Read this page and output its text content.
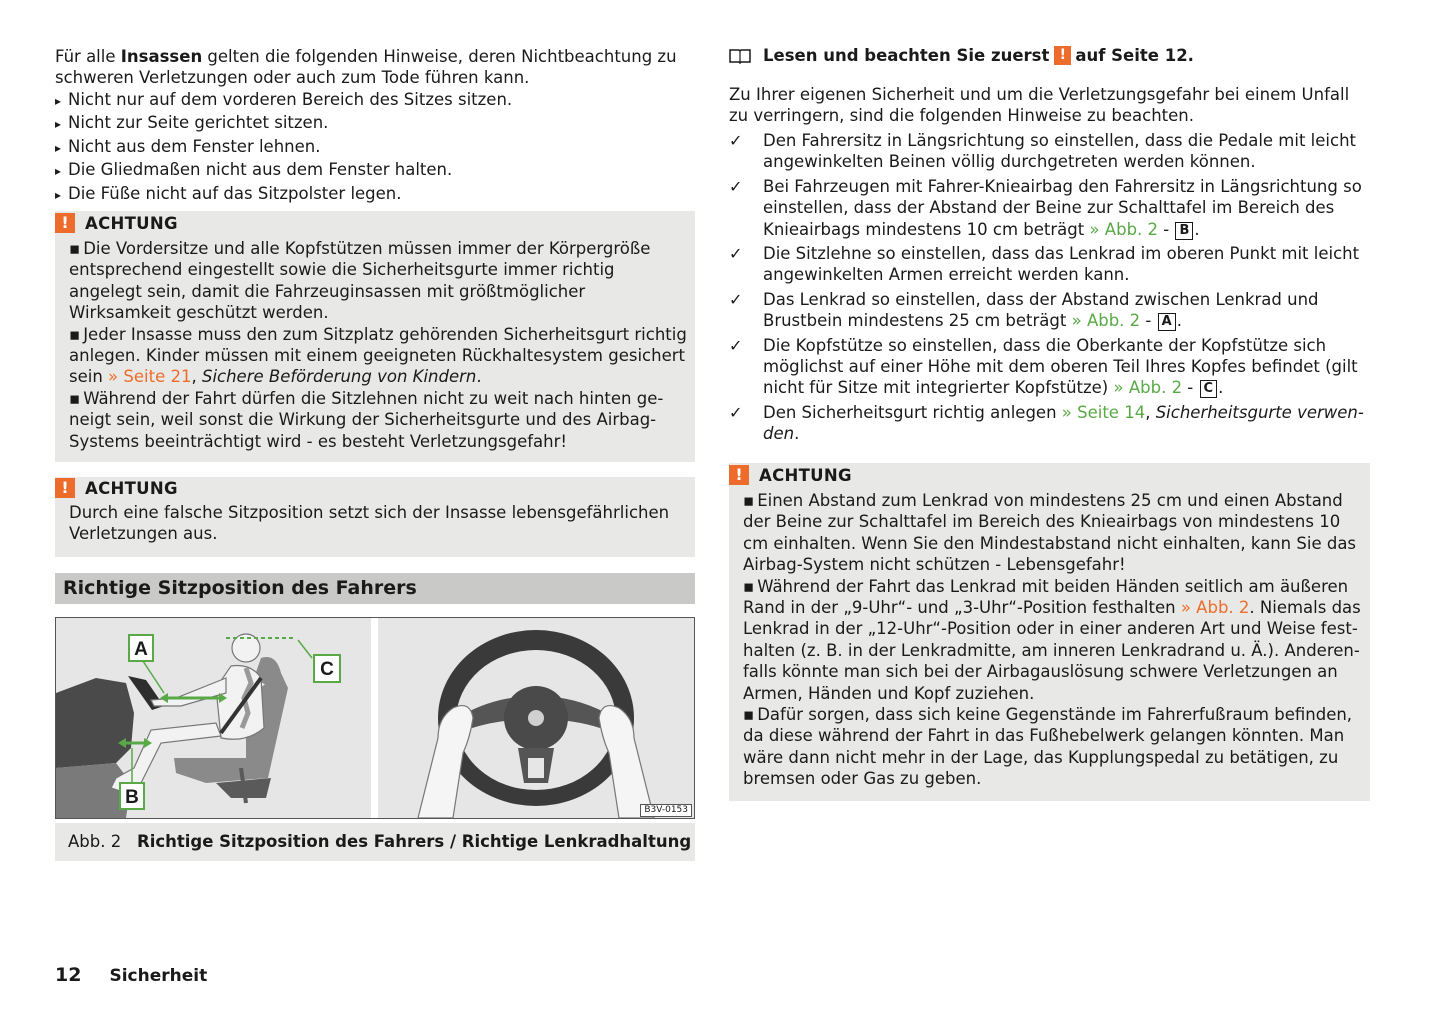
Für alle Insassen gelten die folgenden Hinweise, deren Nichtbeachtung zu schweren Verletzungen oder auch zum Tode führen kann.
▸ Nicht nur auf dem vorderen Bereich des Sitzes sitzen.
▸ Nicht zur Seite gerichtet sitzen.
▸ Nicht aus dem Fenster lehnen.
▸ Die Gliedmaßen nicht aus dem Fenster halten.
▸ Die Füße nicht auf das Sitzpolster legen.
! ACHTUNG
▪ Die Vordersitze und alle Kopfstützen müssen immer der Körpergröße entsprechend eingestellt sowie die Sicherheitsgurte immer richtig angelegt sein, damit die Fahrzeuginsassen mit größtmöglicher Wirksamkeit geschützt werden.
▪ Jeder Insasse muss den zum Sitzplatz gehörenden Sicherheitsgurt richtig anlegen. Kinder müssen mit einem geeigneten Rückhaltesystem gesichert sein » Seite 21, Sichere Beförderung von Kindern.
▪ Während der Fahrt dürfen die Sitzlehnen nicht zu weit nach hinten geneigt sein, weil sonst die Wirkung der Sicherheitsgurte und des Airbag-Systems beeinträchtigt wird - es besteht Verletzungsgefahr!
! ACHTUNG
Durch eine falsche Sitzposition setzt sich der Insasse lebensgefährlichen Verletzungen aus.
Richtige Sitzposition des Fahrers
A
B
C
B3V-0153
Abb. 2 Richtige Sitzposition des Fahrers / Richtige Lenkradhaltung
Lesen und beachten Sie zuerst ! auf Seite 12.
Zu Ihrer eigenen Sicherheit und um die Verletzungsgefahr bei einem Unfall zu verringern, sind die folgenden Hinweise zu beachten.
✓ Den Fahrersitz in Längsrichtung so einstellen, dass die Pedale mit leicht angewinkelten Beinen völlig durchgetreten werden können.
✓ Bei Fahrzeugen mit Fahrer-Knieairbag den Fahrersitz in Längsrichtung so einstellen, dass der Abstand der Beine zur Schalttafel im Bereich des Knieairbags mindestens 10 cm beträgt » Abb. 2 - B .
✓ Die Sitzlehne so einstellen, dass das Lenkrad im oberen Punkt mit leicht angewinkelten Armen erreicht werden kann.
✓ Das Lenkrad so einstellen, dass der Abstand zwischen Lenkrad und Brustbein mindestens 25 cm beträgt » Abb. 2 - A .
✓ Die Kopfstütze so einstellen, dass die Oberkante der Kopfstütze sich möglichst auf einer Höhe mit dem oberen Teil Ihres Kopfes befindet (gilt nicht für Sitze mit integrierter Kopfstütze) » Abb. 2 - C .
✓ Den Sicherheitsgurt richtig anlegen » Seite 14, Sicherheitsgurte verwenden.
! ACHTUNG
▪ Einen Abstand zum Lenkrad von mindestens 25 cm und einen Abstand der Beine zur Schalttafel im Bereich des Knieairbags von mindestens 10 cm einhalten. Wenn Sie den Mindestabstand nicht einhalten, kann Sie das Airbag-System nicht schützen - Lebensgefahr!
▪ Während der Fahrt das Lenkrad mit beiden Händen seitlich am äußeren Rand in der „9-Uhr“- und „3-Uhr“-Position festhalten » Abb. 2. Niemals das Lenkrad in der „12-Uhr“-Position oder in einer anderen Art und Weise festhalten (z. B. in der Lenkradmitte, am inneren Lenkradrand u. Ä.). Anderenfalls könnte man sich bei der Airbagauslösung schwere Verletzungen an Armen, Händen und Kopf zuziehen.
▪ Dafür sorgen, dass sich keine Gegenstände im Fahrerfußraum befinden, da diese während der Fahrt in das Fußhebelwerk gelangen könnten. Man wäre dann nicht mehr in der Lage, das Kupplungspedal zu betätigen, zu bremsen oder Gas zu geben.
12 Sicherheit
